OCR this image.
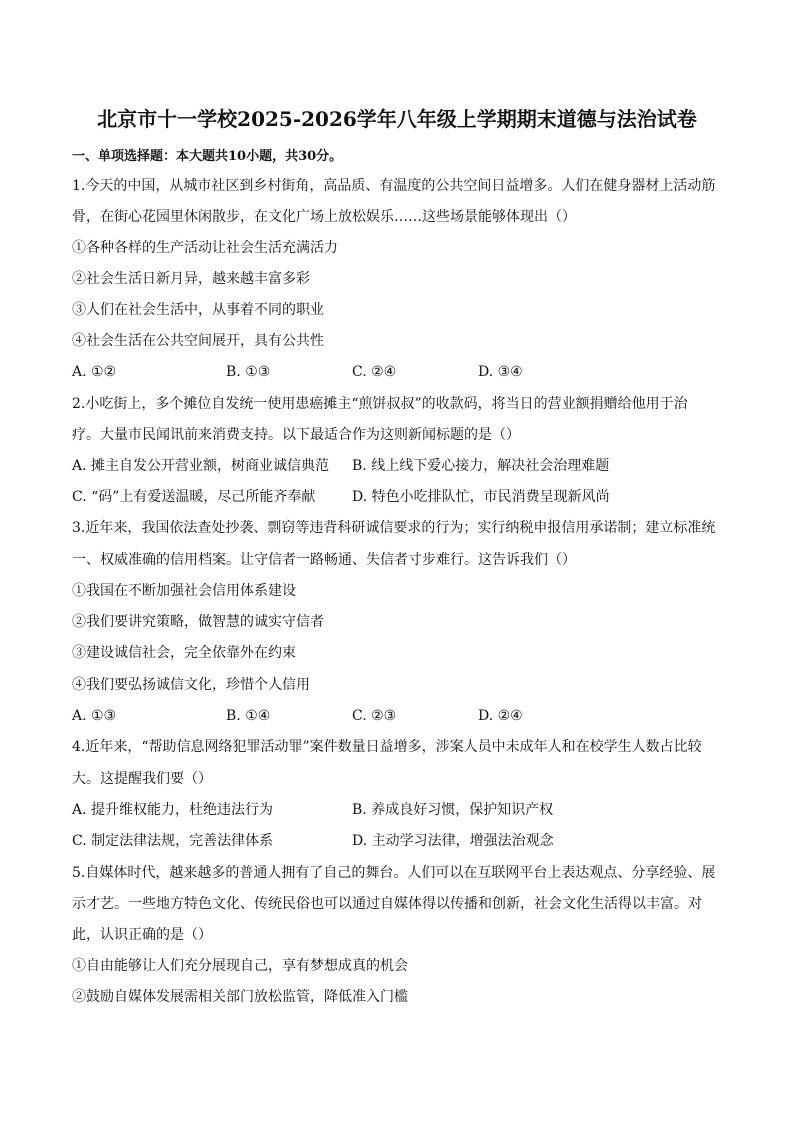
北京市十一学校2025-2026学年八年级上学期期末道德与法治试卷
一、单项选择题：本大题共10小题，共30分。
1.今天的中国，从城市社区到乡村街角，高品质、有温度的公共空间日益增多。人们在健身器材上活动筋
骨，在街心花园里休闲散步，在文化广场上放松娱乐……这些场景能够体现出（）
①各种各样的生产活动让社会生活充满活力
②社会生活日新月异，越来越丰富多彩
③人们在社会生活中，从事着不同的职业
④社会生活在公共空间展开，具有公共性
A. ①②	B. ①③	C. ②④	D. ③④
2.小吃街上，多个摊位自发统一使用患癌摊主“煎饼叔叔”的收款码，将当日的营业额捐赠给他用于治
疗。大量市民闻讯前来消费支持。以下最适合作为这则新闻标题的是（）
A. 摊主自发公开营业额，树商业诚信典范 B. 线上线下爱心接力，解决社会治理难题
C. “码”上有爱送温暖，尽己所能齐奉献	D. 特色小吃排队忙，市民消费呈现新风尚
3.近年来，我国依法查处抄袭、剽窃等违背科研诚信要求的行为；实行纳税申报信用承诺制；建立标准统
一、权威准确的信用档案。让守信者一路畅通、失信者寸步难行。这告诉我们（）
①我国在不断加强社会信用体系建设
②我们要讲究策略，做智慧的诚实守信者
③建设诚信社会，完全依靠外在约束
④我们要弘扬诚信文化，珍惜个人信用
A. ①③	B. ①④	C. ②③	D. ②④
4.近年来，“帮助信息网络犯罪活动罪”案件数量日益增多，涉案人员中未成年人和在校学生人数占比较
大。这提醒我们要（）
A. 提升维权能力，杜绝违法行为	B. 养成良好习惯，保护知识产权
C. 制定法律法规，完善法律体系	D. 主动学习法律，增强法治观念
5.自媒体时代，越来越多的普通人拥有了自己的舞台。人们可以在互联网平台上表达观点、分享经验、展
示才艺。一些地方特色文化、传统民俗也可以通过自媒体得以传播和创新，社会文化生活得以丰富。对
此，认识正确的是（）
①自由能够让人们充分展现自己，享有梦想成真的机会
②鼓励自媒体发展需相关部门放松监管，降低准入门槛
